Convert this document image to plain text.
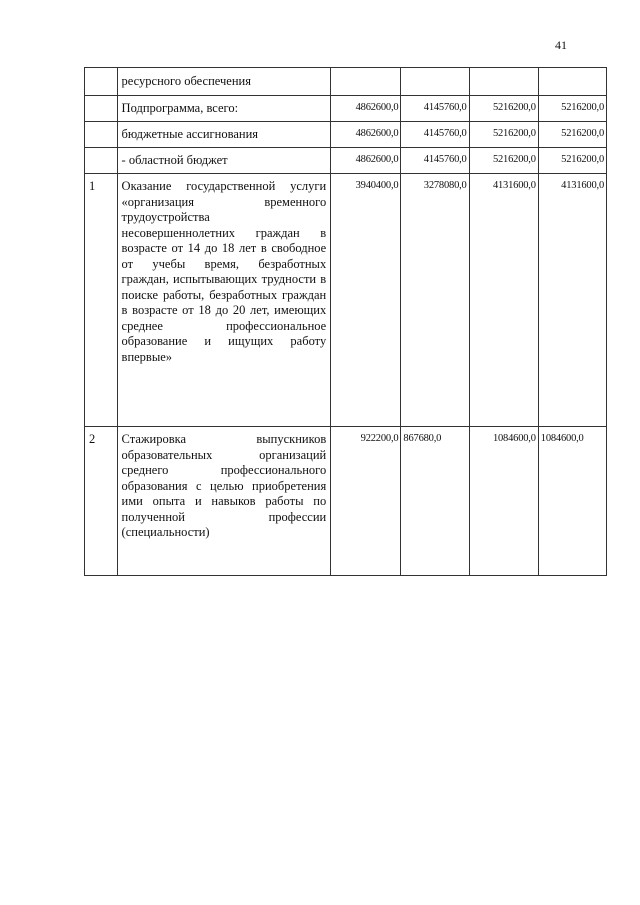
41

	ресурсного обеспечения				

	Подпрограмма, всего:	4862600,0	4145760,0	5216200,0	5216200,0

	бюджетные ассигнования	4862600,0	4145760,0	5216200,0	5216200,0

	- областной бюджет	4862600,0	4145760,0	5216200,0	5216200,0

1	Оказание государственной услуги «организация временного трудоустройства несовершеннолетних граждан в возрасте от 14 до 18 лет в свободное от учебы время, безработных граждан, испытывающих трудности в поиске работы, безработных граждан в возрасте от 18 до 20 лет, имеющих среднее профессиональное образование и ищущих работу впервые»	3940400,0	3278080,0	4131600,0	4131600,0

2	Стажировка выпускников образовательных организаций среднего профессионального образования с целью приобретения ими опыта и навыков работы по полученной профессии (специальности)	922200,0	867680,0	1084600,0	1084600,0
